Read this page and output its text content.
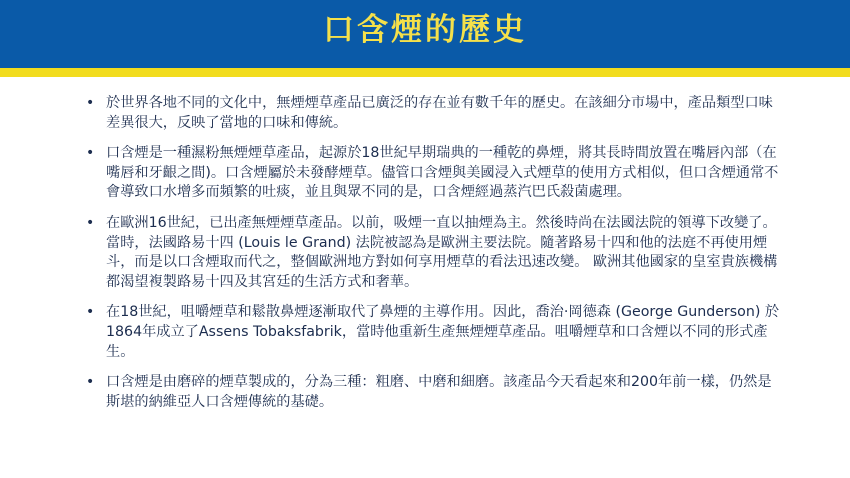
口含煙的歷史
• 於世界各地不同的文化中，無煙煙草產品已廣泛的存在並有數千年的歷史。在該細分市場中，產品類型口味差異很大，反映了當地的口味和傳統。
• 口含煙是一種濕粉無煙煙草產品，起源於18世紀早期瑞典的一種乾的鼻煙，將其長時間放置在嘴唇內部（在嘴唇和牙齦之間)。口含煙屬於未發酵煙草。儘管口含煙與美國浸入式煙草的使用方式相似，但口含煙通常不會導致口水增多而頻繁的吐痰，並且與眾不同的是，口含煙經過蒸汽巴氏殺菌處理。
• 在歐洲16世紀，已出產無煙煙草產品。以前，吸煙一直以抽煙為主。然後時尚在法國法院的領導下改變了。 當時，法國路易十四 (Louis le Grand) 法院被認為是歐洲主要法院。隨著路易十四和他的法庭不再使用煙斗，而是以口含煙取而代之，整個歐洲地方對如何享用煙草的看法迅速改變。 歐洲其他國家的皇室貴族機構都渴望複製路易十四及其宮廷的生活方式和奢華。
• 在18世紀，咀嚼煙草和鬆散鼻煙逐漸取代了鼻煙的主導作用。因此，喬治·岡德森 (George Gunderson) 於1864年成立了Assens Tobaksfabrik，當時他重新生產無煙煙草產品。咀嚼煙草和口含煙以不同的形式產生。
• 口含煙是由磨碎的煙草製成的，分為三種：粗磨、中磨和細磨。該產品今天看起來和200年前一樣，仍然是斯堪的納維亞人口含煙傳統的基礎。
